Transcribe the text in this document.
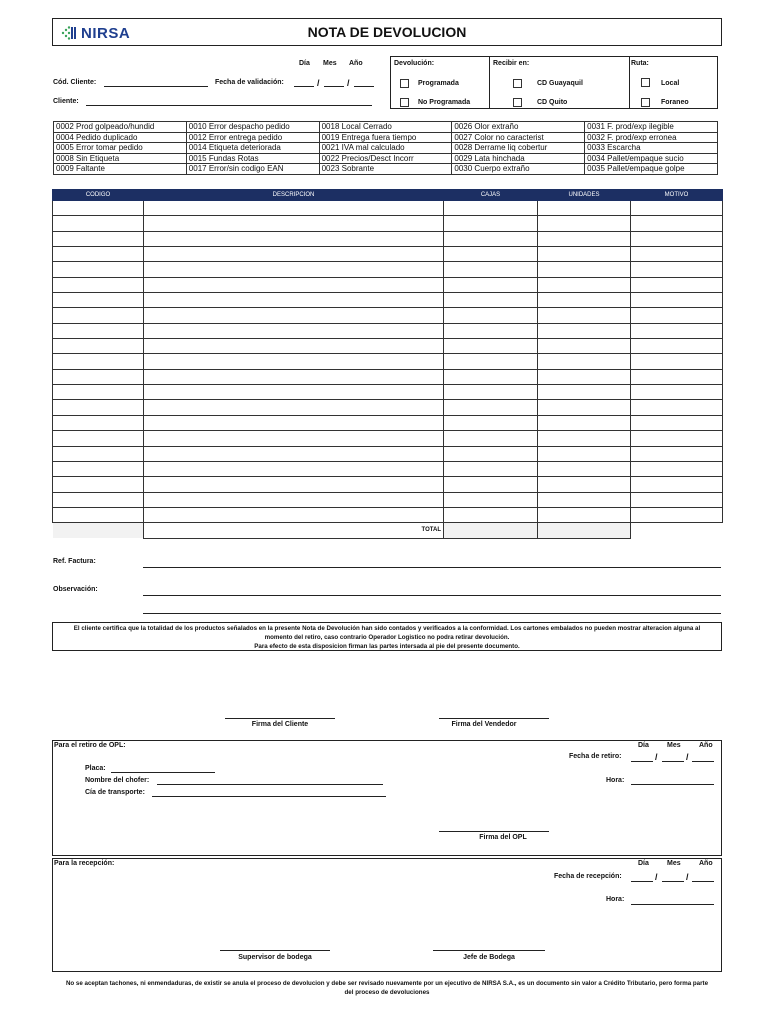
NIRSA	NOTA DE DEVOLUCION
Día Mes Año
Cód. Cliente:	Fecha de validación:	/	/
Cliente:
Devolución:
Programada
No Programada
Recibir en:
CD Guayaquil
CD Quito
Ruta:
Local
Foraneo
0002 Prod golpeado/hundid	0010 Error despacho pedido	0018 Local Cerrado	0026 Olor extraño	0031 F. prod/exp ilegible
0004 Pedido duplicado	0012 Error entrega pedido	0019 Entrega fuera tiempo	0027 Color no caracterist	0032 F. prod/exp erronea
0005 Error tomar pedido	0014 Etiqueta deteriorada	0021 IVA mal calculado	0028 Derrame liq cobertur	0033 Escarcha
0008 Sin Etiqueta	0015 Fundas Rotas	0022 Precios/Desct Incorr	0029 Lata hinchada	0034 Pallet/empaque sucio
0009 Faltante	0017 Error/sin codigo EAN	0023 Sobrante	0030 Cuerpo extraño	0035 Pallet/empaque golpe
CODIGO	DESCRIPCION	CAJAS	UNIDADES	MOTIVO

	TOTAL			
Ref. Factura:
Observación:
El cliente certifica que la totalidad de los productos señalados en la presente Nota de Devolución han sido contados y verificados a la conformidad. Los cartones embalados no pueden mostrar alteracion alguna al
momento del retiro, caso contrario Operador Logistico no podra retirar devolución.
Para efecto de esta disposicion firman las partes intersada al pie del presente documento.
Firma del Cliente	Firma del Vendedor
Para el retiro de OPL:	Día	Mes	Año
Fecha de retiro:	/	/
Placa:
Hora:
Nombre del chofer:
Cía de transporte:
Firma del OPL
Para la recepción:	Día	Mes	Año
Fecha de recepción:	/	/
Hora:
Supervisor de bodega	Jefe de Bodega
No se aceptan tachones, ni enmendaduras, de existir se anula el proceso de devolucion y debe ser revisado nuevamente por un ejecutivo de NIRSA S.A., es un documento sin valor a Crédito Tributario, pero forma parte
del proceso de devoluciones
